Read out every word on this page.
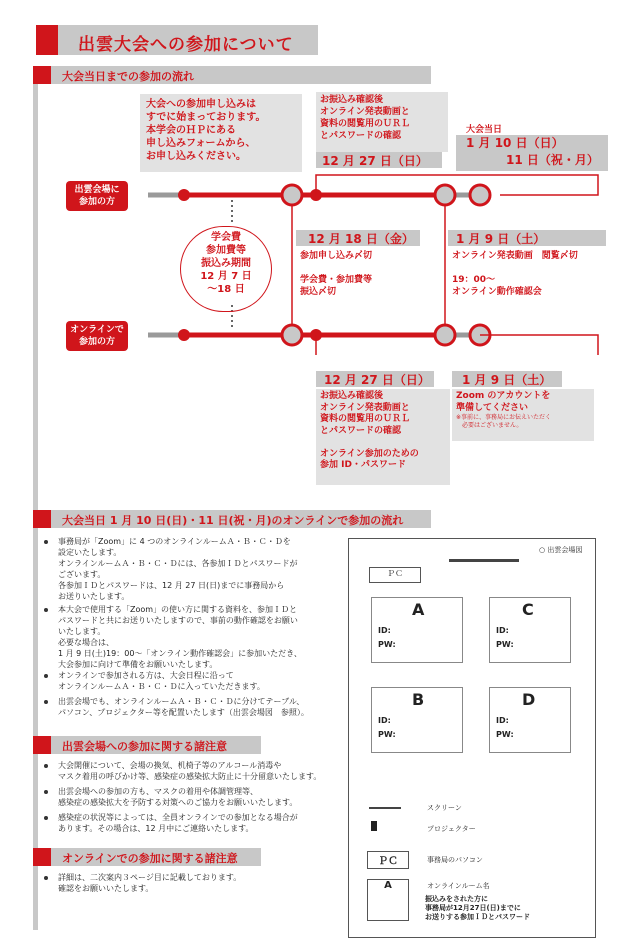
出雲大会への参加について
大会当日までの参加の流れ
大会への参加申し込みは
すでに始まっております。
本学会のＨＰにある
申し込みフォームから、
お申し込みください。
お振込み確認後
オンライン発表動画と
資料の閲覧用のＵＲＬ
とパスワードの確認
12 月 27 日（日）
大会当日
1 月 10 日（日）
11 日（祝・月）
出雲会場に
参加の方
オンラインで
参加の方
学会費
参加費等
振込み期間
12 月 7 日
〜18 日
12 月 18 日（金）
参加申し込み〆切

学会費・参加費等
振込〆切
1 月 9 日（土）
オンライン発表動画　閲覧〆切

19：00〜
オンライン動作確認会
12 月 27 日（日）
お振込み確認後
オンライン発表動画と
資料の閲覧用のＵＲＬ
とパスワードの確認

オンライン参加のための
参加 ID・パスワード
1 月 9 日（土）
Zoom のアカウントを
準備してください
※事前に、事務局にお伝えいただく
　必要はございません。
大会当日 1 月 10 日(日)・11 日(祝・月)のオンラインで参加の流れ
事務局が「Zoom」に 4 つのオンラインルームＡ・Ｂ・Ｃ・Ｄを
設定いたします。
オンラインルームＡ・Ｂ・Ｃ・Ｄには、各参加ＩＤとパスワードが
ございます。
各参加ＩＤとパスワードは、12 月 27 日(日)までに事務局から
お送りいたします。
本大会で使用する「Zoom」の使い方に関する資料を、参加ＩＤと
パスワードと共にお送りいたしますので、事前の動作確認をお願い
いたします。
必要な場合は、
1 月 9 日(土)19：00〜「オンライン動作確認会」に参加いただき、
大会参加に向けて準備をお願いいたします。
オンラインで参加される方は、大会日程に沿って
オンラインルームＡ・Ｂ・Ｃ・Ｄに入っていただきます。
出雲会場でも、オンラインルームＡ・Ｂ・Ｃ・Ｄに分けてテーブル、
パソコン、プロジェクター等を配置いたします（出雲会場図　参照）。
出雲会場への参加に関する諸注意
大会開催について、会場の換気、机椅子等のアルコール消毒や
マスク着用の呼びかけ等、感染症の感染拡大防止に十分留意いたします。
出雲会場への参加の方も、マスクの着用や体調管理等、
感染症の感染拡大を予防する対策へのご協力をお願いいたします。
感染症の状況等によっては、全員オンラインでの参加となる場合が
あります。その場合は、12 月中にご連絡いたします。
オンラインでの参加に関する諸注意
詳細は、二次案内３ページ目に記載しております。
確認をお願いいたします。
○ 出雲会場図
ＰＣ
A
ID:
PW:
C
ID:
PW:
B
ID:
PW:
D
ID:
PW:
スクリーン
プロジェクター
ＰＣ	事務局のパソコン
A	オンラインルーム名
振込みをされた方に
事務局が12月27日(日)までに
お送りする参加ＩＤとパスワード
